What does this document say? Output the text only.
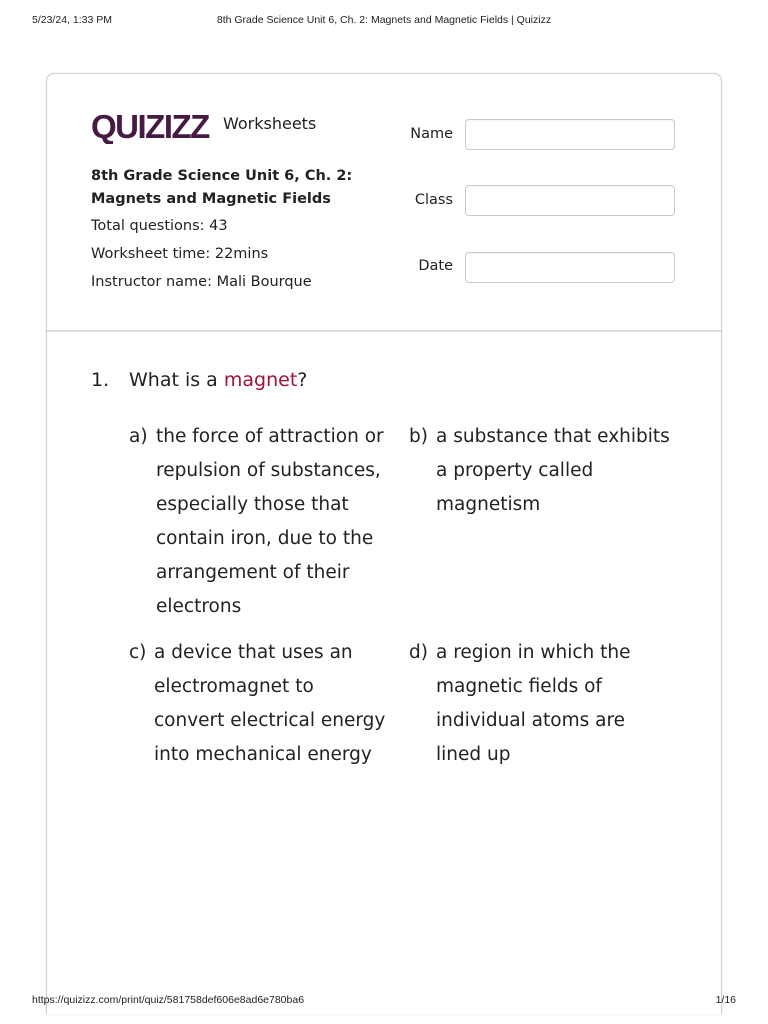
5/23/24, 1:33 PM	8th Grade Science Unit 6, Ch. 2: Magnets and Magnetic Fields | Quizizz
QUIZIZZ Worksheets
8th Grade Science Unit 6, Ch. 2: Magnets and Magnetic Fields
Total questions: 43
Worksheet time: 22mins
Instructor name: Mali Bourque
Name
Class
Date
1. What is a magnet?
a) the force of attraction or repulsion of substances, especially those that contain iron, due to the arrangement of their electrons
b) a substance that exhibits a property called magnetism
c) a device that uses an electromagnet to convert electrical energy into mechanical energy
d) a region in which the magnetic fields of individual atoms are lined up
https://quizizz.com/print/quiz/581758def606e8ad6e780ba6	1/16
